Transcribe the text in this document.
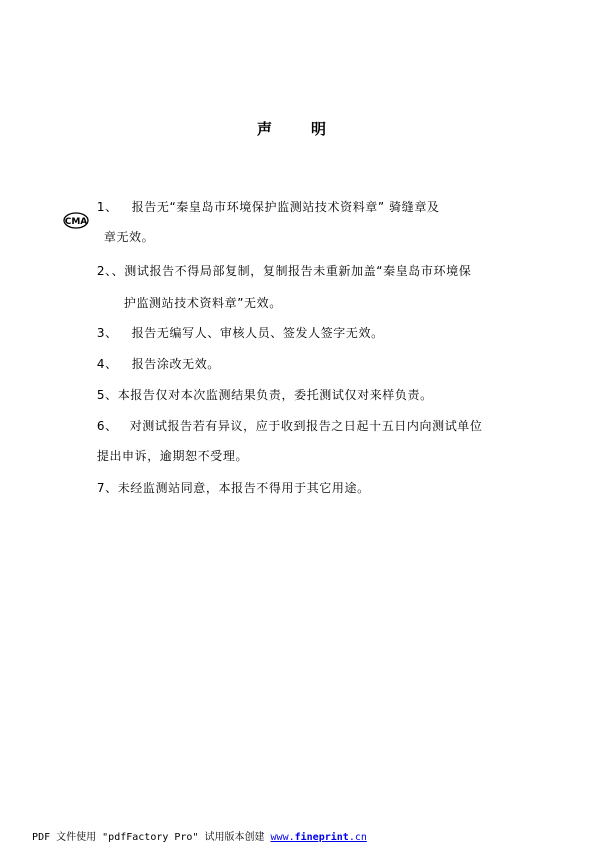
声　明

1、 报告无“秦皇岛市环境保护监测站技术资料章” 骑缝章及

CMA

章无效。

2、、测试报告不得局部复制，复制报告未重新加盖“秦皇岛市环境保

护监测站技术资料章”无效。

3、 报告无编写人、审核人员、签发人签字无效。

4、 报告涂改无效。

5、本报告仅对本次监测结果负责，委托测试仅对来样负责。

6、 对测试报告若有异议，应于收到报告之日起十五日内向测试单位

提出申诉，逾期恕不受理。

7、未经监测站同意，本报告不得用于其它用途。

PDF 文件使用 "pdfFactory Pro" 试用版本创建 www.fineprint.cn
